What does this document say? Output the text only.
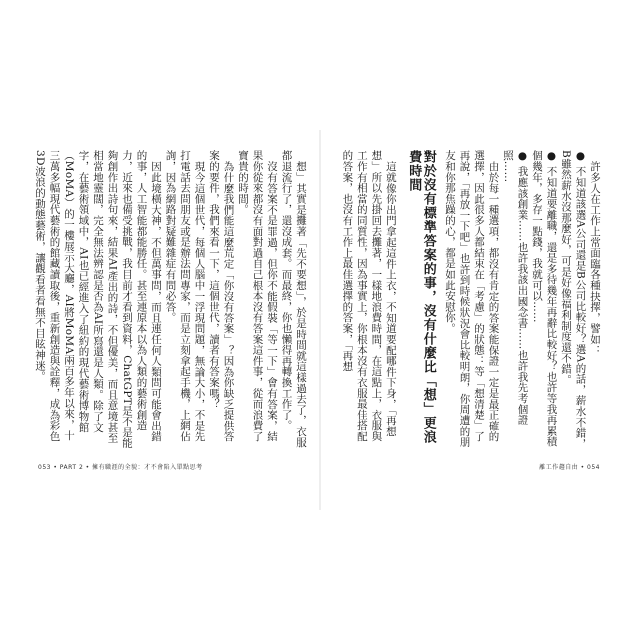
想」其實是攤著「先不要想」，於是時間就這樣過去了，衣服都退流行了，還沒成套。而最終，你也懶得再轉換工作了。

沒有答案不是罪過，但你不能假裝「等一下」會有答案，結果你從來都沒有面對過自己根本沒有答案這件事，從而浪費了寶貴的時間。

為什麼我們能這麼荒定「你沒有答案」？因為你缺乏提供答案的要件，我們來看一下，這個世代，讀者有答案嗎？

現今這個世代，每個人腦中一浮現問題，無論大小，不是先打電話去問朋友或是辦法問專家，而是立刻拿起手機，上網佔詢，因為網路對疑難雜症有問必答。

因此境橫大神，不但萬事問，而且連任何人類問可能會出錯的事，人工智能都能勝任。甚至連原本以為人類的藝術創造力，近來也備受挑戰，我目前才看到資料，ChatGPT是不是能夠創作出詩句來，結果AI產出的詩，不但優美，而且意境甚至相當地靈闊，完全無法辨認是否為AI所寫還是人類。除了文字，在藝術領域中，AI也已經進入了紐約的現代藝術博物館（MoMA）的一樓展示大廳，AI將MoMA兩百多年以來，十三萬多幅現代藝術的館藏讀取後，重新創造與詮釋，成為彩色3D波浪的動態藝術，讓觀看者看無不目眩神迷。

053 • PART 2 • 擁有職涯的全貌：才不會陷入單點思考

許多人在工作上常面臨各種抉擇，譬如：

● 不知道該選A公司還是B公司比較好？選A的話，薪水不錯，B雖然薪水沒那麼好，可是好像福利制度還不錯。

● 不知道要離職，還是多待幾年再辭比較好？也許等我再累積個幾年，多存一點錢，我就可以……

● 我應該創業……也許我該出國念書……也許我先考個證照……

由於每一種選項，都沒有肯定的答案能保證一定是最正確的選擇，因此很多人都結束在「考慮」的狀態：等「想清楚」了再說，「再放一下吧」也許到時候狀況會比較明朗，你周遭的朋友和你那焦躁的心，都是如此安慰你。

對於沒有標準答案的事，沒有什麼比「想」更浪費時間

這就像你出門拿起這件上衣，不知道要配哪件下身，「再想想」所以先掛回去攤著，一樣地浪費時間，在這點上，衣服與工作有相當的同質性，因為事實上，你根本沒有衣服最佳搭配的答案，也沒有工作上最佳選擇的答案，「再想

離工作趨自由 • 054
